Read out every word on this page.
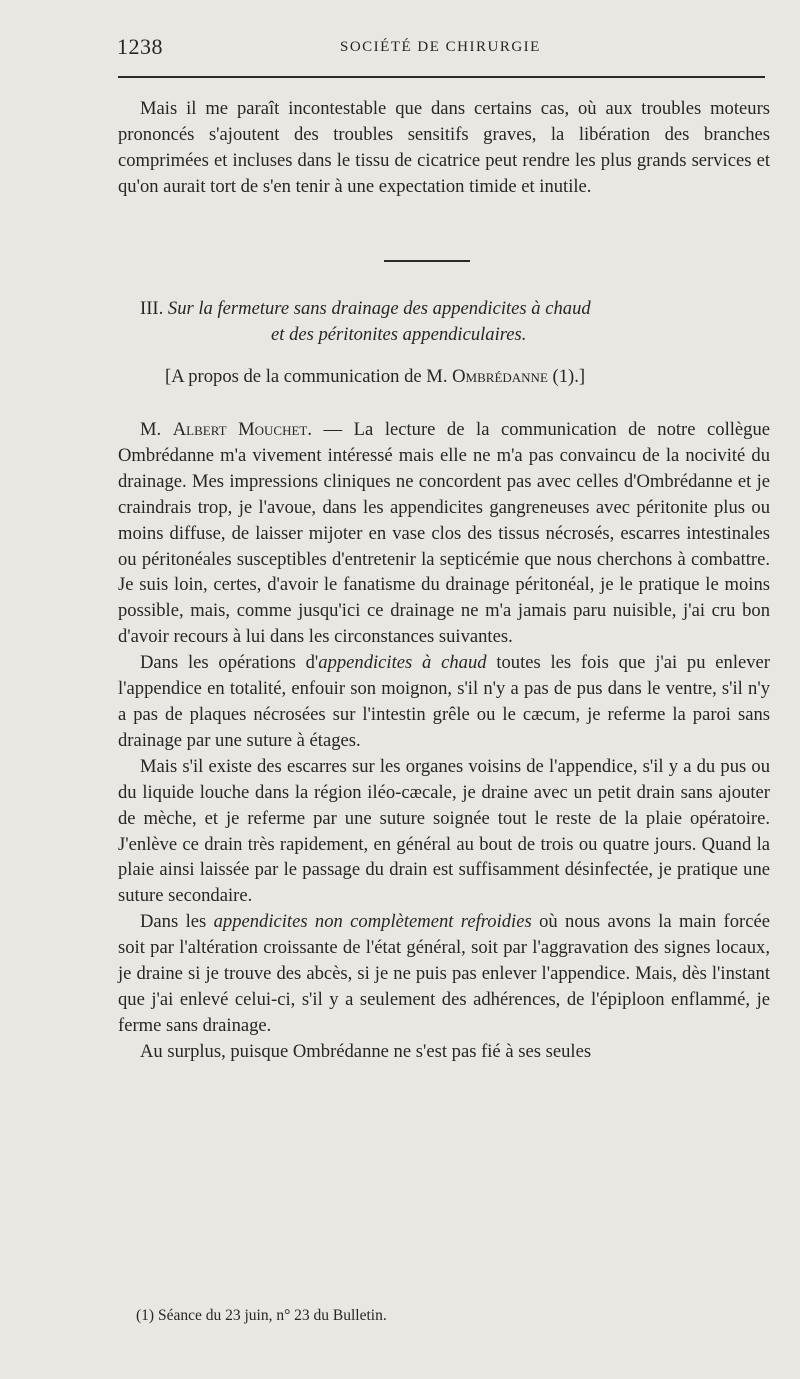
1238	SOCIÉTÉ DE CHIRURGIE

Mais il me paraît incontestable que dans certains cas, où aux troubles moteurs prononcés s'ajoutent des troubles sensitifs graves, la libération des branches comprimées et incluses dans le tissu de cicatrice peut rendre les plus grands services et qu'on aurait tort de s'en tenir à une expectation timide et inutile.

III. Sur la fermeture sans drainage des appendicites à chaud
et des péritonites appendiculaires.
[A propos de la communication de M. Ombrédanne (1).]

M. Albert Mouchet. — La lecture de la communication de notre collègue Ombrédanne m'a vivement intéressé mais elle ne m'a pas convaincu de la nocivité du drainage. Mes impressions cliniques ne concordent pas avec celles d'Ombrédanne et je craindrais trop, je l'avoue, dans les appendicites gangreneuses avec péritonite plus ou moins diffuse, de laisser mijoter en vase clos des tissus nécrosés, escarres intestinales ou péritonéales susceptibles d'entretenir la septicémie que nous cherchons à combattre. Je suis loin, certes, d'avoir le fanatisme du drainage péritonéal, je le pratique le moins possible, mais, comme jusqu'ici ce drainage ne m'a jamais paru nuisible, j'ai cru bon d'avoir recours à lui dans les circonstances suivantes.

Dans les opérations d'appendicites à chaud toutes les fois que j'ai pu enlever l'appendice en totalité, enfouir son moignon, s'il n'y a pas de pus dans le ventre, s'il n'y a pas de plaques nécrosées sur l'intestin grêle ou le cæcum, je referme la paroi sans drainage par une suture à étages.

Mais s'il existe des escarres sur les organes voisins de l'appendice, s'il y a du pus ou du liquide louche dans la région iléo-cæcale, je draine avec un petit drain sans ajouter de mèche, et je referme par une suture soignée tout le reste de la plaie opératoire. J'enlève ce drain très rapidement, en général au bout de trois ou quatre jours. Quand la plaie ainsi laissée par le passage du drain est suffisamment désinfectée, je pratique une suture secondaire.

Dans les appendicites non complètement refroidies où nous avons la main forcée soit par l'altération croissante de l'état général, soit par l'aggravation des signes locaux, je draine si je trouve des abcès, si je ne puis pas enlever l'appendice. Mais, dès l'instant que j'ai enlevé celui-ci, s'il y a seulement des adhérences, de l'épiploon enflammé, je ferme sans drainage.

Au surplus, puisque Ombrédanne ne s'est pas fié à ses seules

(1) Séance du 23 juin, n° 23 du Bulletin.
